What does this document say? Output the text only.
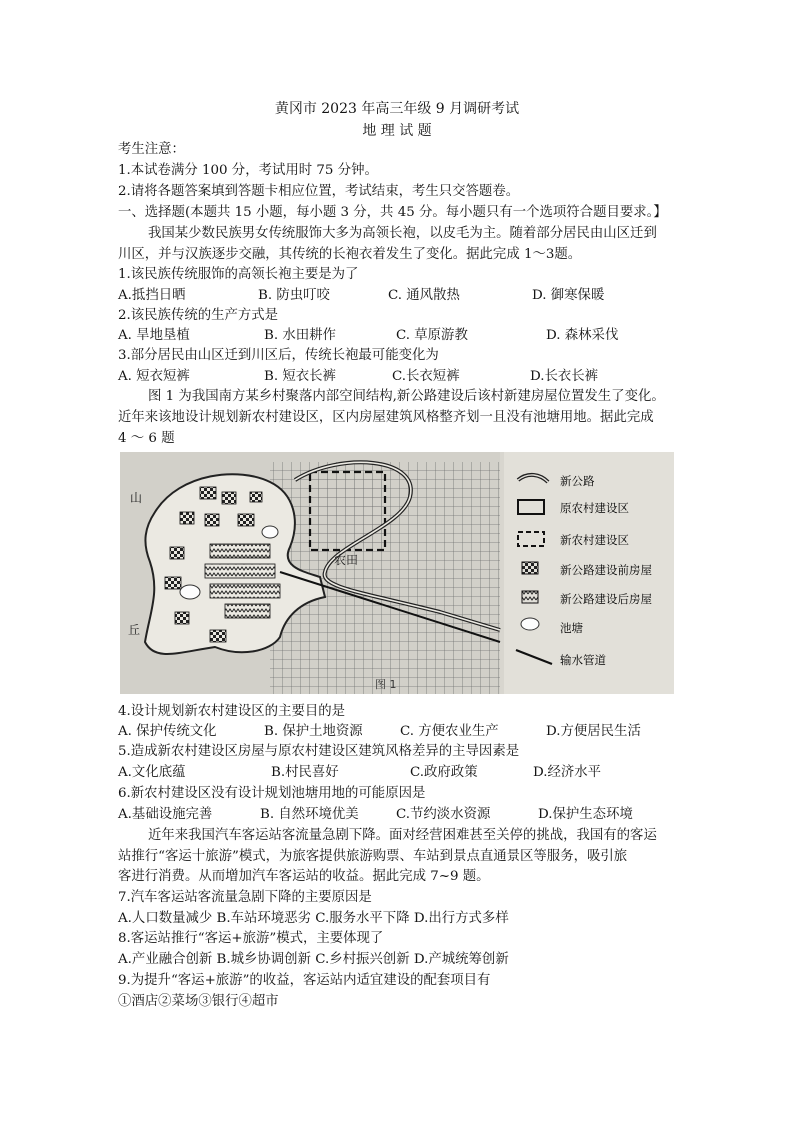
黄冈市 2023 年高三年级 9 月调研考试
地 理 试 题
考生注意：
1.本试卷满分 100 分，考试用时 75 分钟。
2.请将各题答案填到答题卡相应位置，考试结束，考生只交答题卷。
一、选择题(本题共 15 小题，每小题 3 分，共 45 分。每小题只有一个选项符合题目要求。】
我国某少数民族男女传统服饰大多为高领长袍，以皮毛为主。随着部分居民由山区迁到
川区，并与汉族逐步交融，其传统的长袍衣着发生了变化。据此完成 1～3题。
1.该民族传统服饰的高领长袍主要是为了
A.抵挡日晒	B. 防虫叮咬	C. 通风散热	D. 御寒保暖
2.该民族传统的生产方式是
A. 旱地垦植	B. 水田耕作	C. 草原游教	D. 森林采伐
3.部分居民由山区迁到川区后，传统长袍最可能变化为
A. 短衣短裤	B. 短衣长裤	C.长衣短裤	D.长衣长裤
图 1 为我国南方某乡村聚落内部空间结构,新公路建设后该村新建房屋位置发生了变化。
近年来该地设计规划新农村建设区，区内房屋建筑风格整齐划一且没有池塘用地。据此完成
4 ～ 6 题
山
丘
农田
图 1
新公路
原农村建设区
新农村建设区
新公路建设前房屋
新公路建设后房屋
池塘
输水管道
4.设计规划新农村建设区的主要目的是
A. 保护传统文化	B. 保护土地资源	C. 方便农业生产	D.方便居民生活
5.造成新农村建设区房屋与原农村建设区建筑风格差异的主导因素是
A.文化底蕴	B.村民喜好	C.政府政策	D.经济水平
6.新农村建设区没有设计规划池塘用地的可能原因是
A.基础设施完善	B. 自然环境优美	C.节约淡水资源	D.保护生态环境
近年来我国汽车客运站客流量急剧下降。面对经营困难甚至关停的挑战，我国有的客运
站推行“客运十旅游”模式，为旅客提供旅游购票、车站到景点直通景区等服务，吸引旅
客进行消费。从而增加汽车客运站的收益。据此完成 7~9 题。
7.汽车客运站客流量急剧下降的主要原因是
A.人口数量减少 B.车站环境恶劣 C.服务水平下降 D.出行方式多样
8.客运站推行“客运+旅游”模式，主要体现了
A.产业融合创新 B.城乡协调创新 C.乡村振兴创新 D.产城统筹创新
9.为提升“客运+旅游”的收益，客运站内适宜建设的配套项目有
①酒店②菜场③银行④超市
